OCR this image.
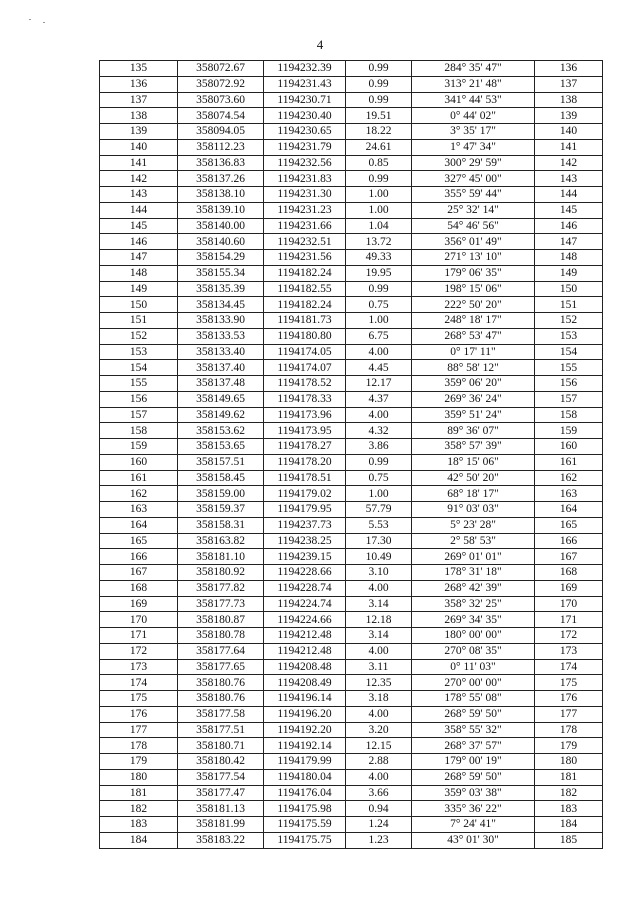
4
135	358072.67	1194232.39	0.99	284° 35' 47"	136
136	358072.92	1194231.43	0.99	313° 21' 48"	137
137	358073.60	1194230.71	0.99	341° 44' 53"	138
138	358074.54	1194230.40	19.51	0° 44' 02"	139
139	358094.05	1194230.65	18.22	3° 35' 17"	140
140	358112.23	1194231.79	24.61	1° 47' 34"	141
141	358136.83	1194232.56	0.85	300° 29' 59"	142
142	358137.26	1194231.83	0.99	327° 45' 00"	143
143	358138.10	1194231.30	1.00	355° 59' 44"	144
144	358139.10	1194231.23	1.00	25° 32' 14"	145
145	358140.00	1194231.66	1.04	54° 46' 56"	146
146	358140.60	1194232.51	13.72	356° 01' 49"	147
147	358154.29	1194231.56	49.33	271° 13' 10"	148
148	358155.34	1194182.24	19.95	179° 06' 35"	149
149	358135.39	1194182.55	0.99	198° 15' 06"	150
150	358134.45	1194182.24	0.75	222° 50' 20"	151
151	358133.90	1194181.73	1.00	248° 18' 17"	152
152	358133.53	1194180.80	6.75	268° 53' 47"	153
153	358133.40	1194174.05	4.00	0° 17' 11"	154
154	358137.40	1194174.07	4.45	88° 58' 12"	155
155	358137.48	1194178.52	12.17	359° 06' 20"	156
156	358149.65	1194178.33	4.37	269° 36' 24"	157
157	358149.62	1194173.96	4.00	359° 51' 24"	158
158	358153.62	1194173.95	4.32	89° 36' 07"	159
159	358153.65	1194178.27	3.86	358° 57' 39"	160
160	358157.51	1194178.20	0.99	18° 15' 06"	161
161	358158.45	1194178.51	0.75	42° 50' 20"	162
162	358159.00	1194179.02	1.00	68° 18' 17"	163
163	358159.37	1194179.95	57.79	91° 03' 03"	164
164	358158.31	1194237.73	5.53	5° 23' 28"	165
165	358163.82	1194238.25	17.30	2° 58' 53"	166
166	358181.10	1194239.15	10.49	269° 01' 01"	167
167	358180.92	1194228.66	3.10	178° 31' 18"	168
168	358177.82	1194228.74	4.00	268° 42' 39"	169
169	358177.73	1194224.74	3.14	358° 32' 25"	170
170	358180.87	1194224.66	12.18	269° 34' 35"	171
171	358180.78	1194212.48	3.14	180° 00' 00"	172
172	358177.64	1194212.48	4.00	270° 08' 35"	173
173	358177.65	1194208.48	3.11	0° 11' 03"	174
174	358180.76	1194208.49	12.35	270° 00' 00"	175
175	358180.76	1194196.14	3.18	178° 55' 08"	176
176	358177.58	1194196.20	4.00	268° 59' 50"	177
177	358177.51	1194192.20	3.20	358° 55' 32"	178
178	358180.71	1194192.14	12.15	268° 37' 57"	179
179	358180.42	1194179.99	2.88	179° 00' 19"	180
180	358177.54	1194180.04	4.00	268° 59' 50"	181
181	358177.47	1194176.04	3.66	359° 03' 38"	182
182	358181.13	1194175.98	0.94	335° 36' 22"	183
183	358181.99	1194175.59	1.24	7° 24' 41"	184
184	358183.22	1194175.75	1.23	43° 01' 30"	185
